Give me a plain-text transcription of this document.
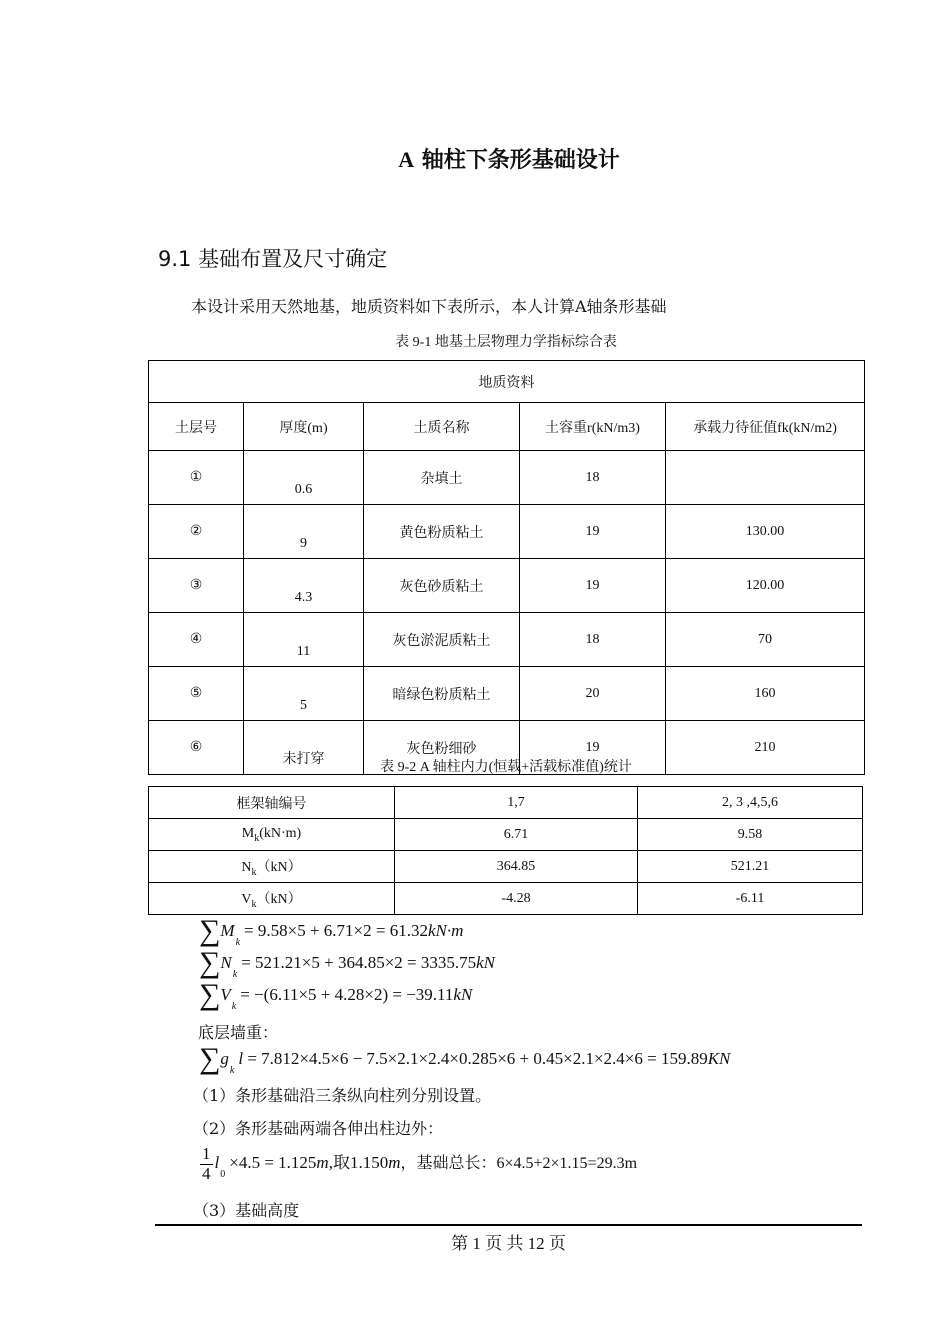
A 轴柱下条形基础设计
9.1 基础布置及尺寸确定
本设计采用天然地基，地质资料如下表所示，本人计算A轴条形基础
表 9-1 地基土层物理力学指标综合表
地质资料				
土层号	厚度(m)	土质名称	土容重r(kN/m3)	承载力待征值fk(kN/m2)
①	0.6	杂填土	18	
②	9	黄色粉质粘土	19	130.00
③	4.3	灰色砂质粘土	19	120.00
④	11	灰色淤泥质粘土	18	70
⑤	5	暗绿色粉质粘土	20	160
⑥	未打穿	灰色粉细砂	19	210
表 9-2 A 轴柱内力(恒载+活载标准值)统计
框架轴编号	1,7	2, 3 ,4,5,6
$M_k(kN\cdot m)$	6.71	9.58
$N_k(kN)$	364.85	521.21
$V_k(kN)$	-4.28	-6.11
$\sum M_k= 9.58\times 5 + 6.71\times 2 = 61.32kN\cdot m$
$\sum N_k= 521.21\times 5 + 364.85\times 2 = 3335.75kN$
$\sum V_k= -(6.11\times 5 + 4.28\times 2) = -39.11kN$
底层墙重：
$\sum g_kl = 7.812\times 4.5\times 6 - 7.5\times 2.1\times 2.4\times 0.285\times 6 + 0.45\times 2.1\times 2.4\times 6 = 159.89KN$
（1）条形基础沿三条纵向柱列分别设置。
（2）条形基础两端各伸出柱边外：
$\frac{1}{4} l_0\times 4.5 = 1.125m$,取1.150m，基础总长：6×4.5+2×1.15=29.3m
（3）基础高度
第 1 页 共 12 页
